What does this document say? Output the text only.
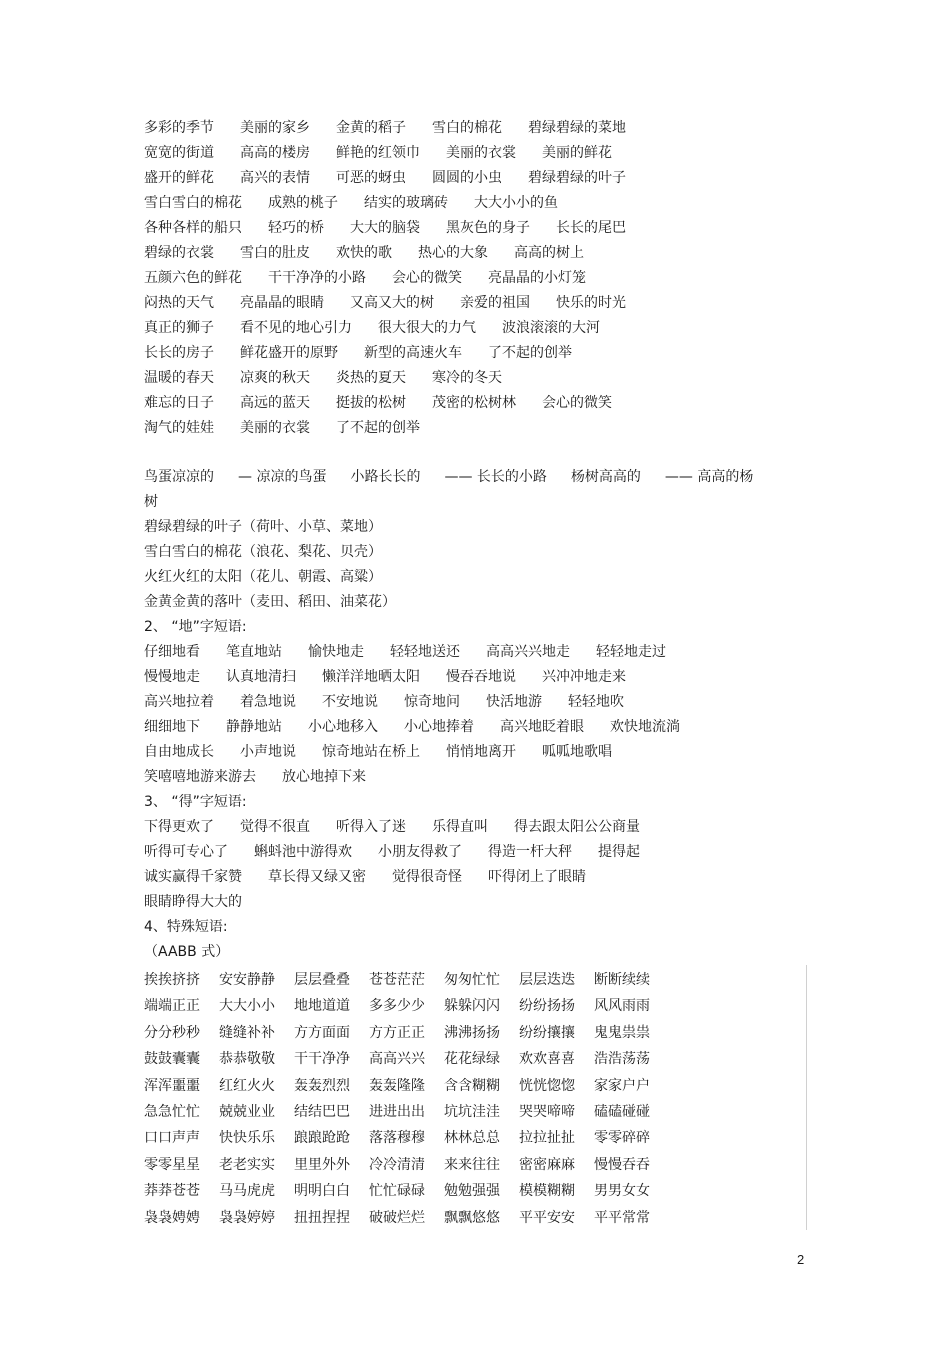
多彩的季节 美丽的家乡 金黄的稻子 雪白的棉花 碧绿碧绿的菜地
宽宽的街道 高高的楼房 鲜艳的红领巾 美丽的衣裳 美丽的鲜花
盛开的鲜花 高兴的表情 可恶的蚜虫 圆圆的小虫 碧绿碧绿的叶子
雪白雪白的棉花 成熟的桃子 结实的玻璃砖 大大小小的鱼
各种各样的船只 轻巧的桥 大大的脑袋 黑灰色的身子 长长的尾巴
碧绿的衣裳 雪白的肚皮 欢快的歌 热心的大象 高高的树上
五颜六色的鲜花 干干净净的小路 会心的微笑 亮晶晶的小灯笼
闷热的天气 亮晶晶的眼睛 又高又大的树 亲爱的祖国 快乐的时光
真正的狮子 看不见的地心引力 很大很大的力气 波浪滚滚的大河
长长的房子 鲜花盛开的原野 新型的高速火车 了不起的创举
温暖的春天 凉爽的秋天 炎热的夏天 寒冷的冬天
难忘的日子 高远的蓝天 挺拔的松树 茂密的松树林 会心的微笑
淘气的娃娃 美丽的衣裳 了不起的创举
鸟蛋凉凉的 — 凉凉的鸟蛋 小路长长的 —— 长长的小路 杨树高高的 —— 高高的杨
树
碧绿碧绿的叶子（荷叶、小草、菜地）
雪白雪白的棉花（浪花、梨花、贝壳）
火红火红的太阳（花儿、朝霞、高粱）
金黄金黄的落叶（麦田、稻田、油菜花）
2、 “地”字短语:
仔细地看 笔直地站 愉快地走 轻轻地送还 高高兴兴地走 轻轻地走过
慢慢地走 认真地清扫 懒洋洋地晒太阳 慢吞吞地说 兴冲冲地走来
高兴地拉着 着急地说 不安地说 惊奇地问 快活地游 轻轻地吹
细细地下 静静地站 小心地移入 小心地捧着 高兴地眨着眼 欢快地流淌
自由地成长 小声地说 惊奇地站在桥上 悄悄地离开 呱呱地歌唱
笑嘻嘻地游来游去 放心地掉下来
3、 “得”字短语:
下得更欢了 觉得不很直 听得入了迷 乐得直叫 得去跟太阳公公商量
听得可专心了 蝌蚪池中游得欢 小朋友得救了 得造一杆大秤 提得起
诚实赢得千家赞 草长得又绿又密 觉得很奇怪 吓得闭上了眼睛
眼睛睁得大大的
4、特殊短语:
（AABB 式）
挨挨挤挤 安安静静 层层叠叠 苍苍茫茫 匆匆忙忙 层层迭迭 断断续续
端端正正 大大小小 地地道道 多多少少 躲躲闪闪 纷纷扬扬 风风雨雨
分分秒秒 缝缝补补 方方面面 方方正正 沸沸扬扬 纷纷攘攘 鬼鬼祟祟
鼓鼓囊囊 恭恭敬敬 干干净净 高高兴兴 花花绿绿 欢欢喜喜 浩浩荡荡
浑浑噩噩 红红火火 轰轰烈烈 轰轰隆隆 含含糊糊 恍恍惚惚 家家户户
急急忙忙 兢兢业业 结结巴巴 进进出出 坑坑洼洼 哭哭啼啼 磕磕碰碰
口口声声 快快乐乐 踉踉跄跄 落落穆穆 林林总总 拉拉扯扯 零零碎碎
零零星星 老老实实 里里外外 冷冷清清 来来往往 密密麻麻 慢慢吞吞
莽莽苍苍 马马虎虎 明明白白 忙忙碌碌 勉勉强强 模模糊糊 男男女女
袅袅娉娉 袅袅婷婷 扭扭捏捏 破破烂烂 飘飘悠悠 平平安安 平平常常
2
